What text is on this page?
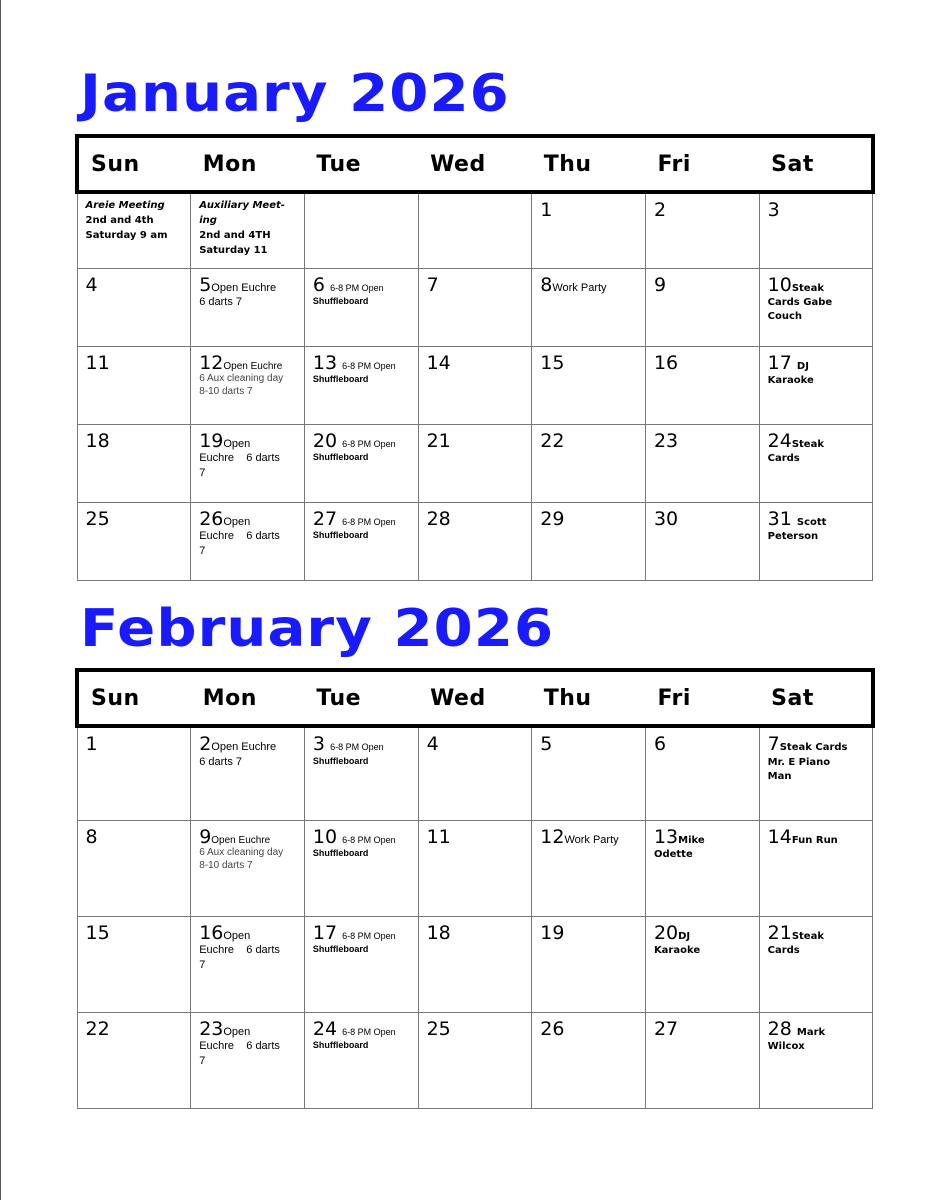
January 2026
Sun	Mon	Tue	Wed	Thu	Fri	Sat

Areie Meeting
2nd and 4th
Saturday 9 am	Auxiliary Meet-
ing
2nd and 4TH
Saturday 11			1	2	3
4	5Open Euchre
6 darts 7	6 6-8 PM Open
Shuffleboard	7	8Work Party	9	10Steak
Cards Gabe
Couch

11	12Open Euchre
6 Aux cleaning day
8-10 darts 7	13 6-8 PM Open
Shuffleboard	14	15	16	17 DJ
Karaoke

18	19Open
Euchre    6 darts
7	20 6-8 PM Open
Shuffleboard	21	22	23	24Steak
Cards

25	26Open
Euchre    6 darts
7	27 6-8 PM Open
Shuffleboard	28	29	30	31 Scott
Peterson
February 2026
Sun	Mon	Tue	Wed	Thu	Fri	Sat
1	2Open Euchre
6 darts 7	3 6-8 PM Open
Shuffleboard	4	5	6	7Steak Cards
Mr. E Piano
Man

8	9Open Euchre
6 Aux cleaning day
8-10 darts 7	10 6-8 PM Open
Shuffleboard	11	12Work Party	13Mike
Odette	14Fun Run
15	16Open
Euchre    6 darts
7	17 6-8 PM Open
Shuffleboard	18	19	20DJ
Karaoke	21Steak
Cards

22	23Open
Euchre    6 darts
7	24 6-8 PM Open
Shuffleboard	25	26	27	28 Mark
Wilcox
